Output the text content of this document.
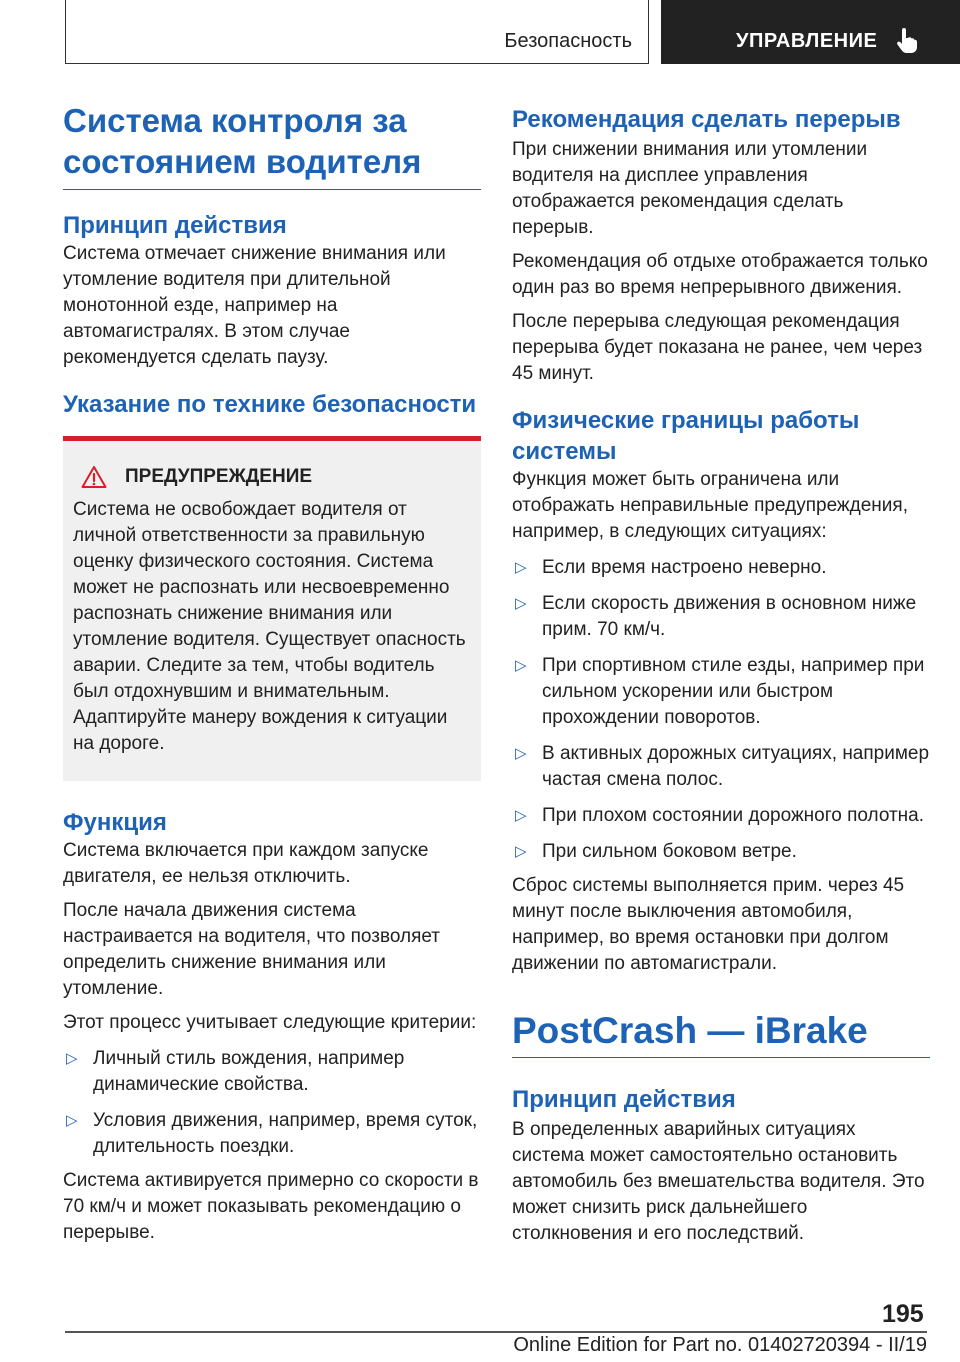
Безопасность	УПРАВЛЕНИЕ
Система контроля за состоянием водителя
Принцип действия

Система отмечает снижение внимания или утомление водителя при длительной монотонной езде, например на автомагистралях. В этом случае рекомендуется сделать паузу.

Указание по технике безопасности
ПРЕДУПРЕЖДЕНИЕ

Система не освобождает водителя от личной ответственности за правильную оценку физического состояния. Система может не распознать или несвоевременно распознать снижение внимания или утомление водителя. Существует опасность аварии. Следите за тем, чтобы водитель был отдохнувшим и внимательным. Адаптируйте манеру вождения к ситуации на дороге.

Функция

Система включается при каждом запуске двигателя, ее нельзя отключить.

После начала движения система настраивается на водителя, что позволяет определить снижение внимания или утомление.

Этот процесс учитывает следующие критерии:

▷ Личный стиль вождения, например динамические свойства.
▷ Условия движения, например, время суток, длительность поездки.

Система активируется примерно со скорости в 70 км/ч и может показывать рекомендацию о перерыве.

Рекомендация сделать перерыв

При снижении внимания или утомлении водителя на дисплее управления отображается рекомендация сделать перерыв.

Рекомендация об отдыхе отображается только один раз во время непрерывного движения.

После перерыва следующая рекомендация перерыва будет показана не ранее, чем через 45 минут.

Физические границы работы системы

Функция может быть ограничена или отображать неправильные предупреждения, например, в следующих ситуациях:

▷ Если время настроено неверно.
▷ Если скорость движения в основном ниже прим. 70 км/ч.
▷ При спортивном стиле езды, например при сильном ускорении или быстром прохождении поворотов.
▷ В активных дорожных ситуациях, например частая смена полос.
▷ При плохом состоянии дорожного полотна.
▷ При сильном боковом ветре.

Сброс системы выполняется прим. через 45 минут после выключения автомобиля, например, во время остановки при долгом движении по автомагистрали.

PostCrash — iBrake
Принцип действия

В определенных аварийных ситуациях система может самостоятельно остановить автомобиль без вмешательства водителя. Это может снизить риск дальнейшего столкновения и его последствий.

195
Online Edition for Part no. 01402720394 - II/19
